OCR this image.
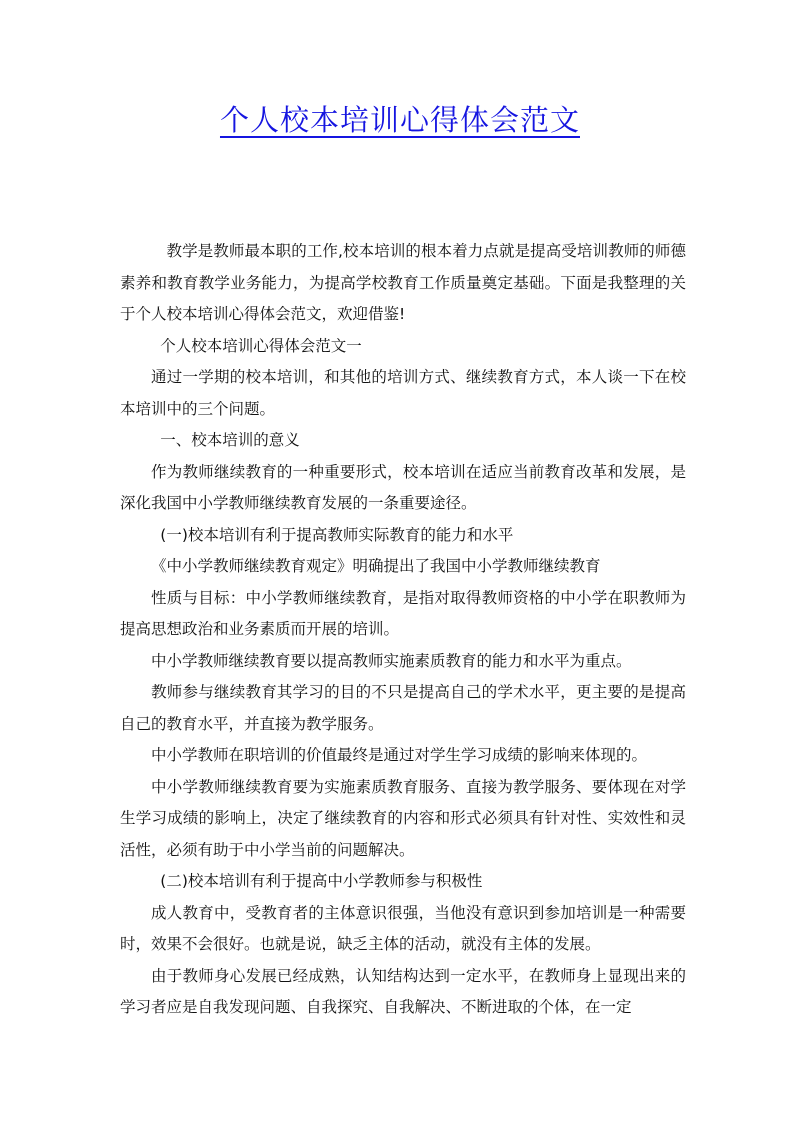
个人校本培训心得体会范文

教学是教师最本职的工作,校本培训的根本着力点就是提高受培训教师的师德素养和教育教学业务能力，为提高学校教育工作质量奠定基础。下面是我整理的关于个人校本培训心得体会范文，欢迎借鉴!

个人校本培训心得体会范文一

通过一学期的校本培训，和其他的培训方式、继续教育方式，本人谈一下在校本培训中的三个问题。

一、校本培训的意义

作为教师继续教育的一种重要形式，校本培训在适应当前教育改革和发展，是深化我国中小学教师继续教育发展的一条重要途径。

(一)校本培训有利于提高教师实际教育的能力和水平

《中小学教师继续教育观定》明确提出了我国中小学教师继续教育

性质与目标：中小学教师继续教育，是指对取得教师资格的中小学在职教师为提高思想政治和业务素质而开展的培训。

中小学教师继续教育要以提高教师实施素质教育的能力和水平为重点。

教师参与继续教育其学习的目的不只是提高自己的学术水平，更主要的是提高自己的教育水平，并直接为教学服务。

中小学教师在职培训的价值最终是通过对学生学习成绩的影响来体现的。

中小学教师继续教育要为实施素质教育服务、直接为教学服务、要体现在对学生学习成绩的影响上，决定了继续教育的内容和形式必须具有针对性、实效性和灵活性，必须有助于中小学当前的问题解决。

(二)校本培训有利于提高中小学教师参与积极性

成人教育中，受教育者的主体意识很强，当他没有意识到参加培训是一种需要时，效果不会很好。也就是说，缺乏主体的活动，就没有主体的发展。

由于教师身心发展已经成熟，认知结构达到一定水平，在教师身上显现出来的学习者应是自我发现问题、自我探究、自我解决、不断进取的个体，在一定
